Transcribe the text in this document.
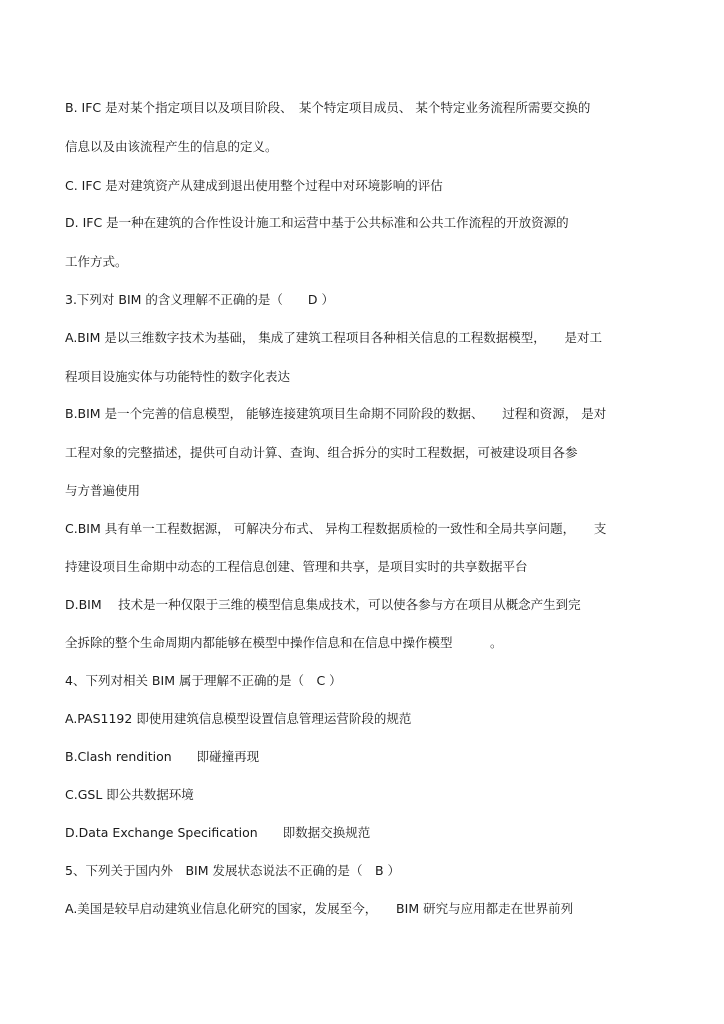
B. IFC 是对某个指定项目以及项目阶段、　某个特定项目成员、 某个特定业务流程所需要交换的
信息以及由该流程产生的信息的定义。
C. IFC 是对建筑资产从建成到退出使用整个过程中对环境影响的评估
D. IFC 是一种在建筑的合作性设计施工和运营中基于公共标准和公共工作流程的开放资源的
工作方式。
3.下列对 BIM 的含义理解不正确的是（　　D ）
A.BIM 是以三维数字技术为基础， 集成了建筑工程项目各种相关信息的工程数据模型，　　是对工
程项目设施实体与功能特性的数字化表达
B.BIM 是一个完善的信息模型， 能够连接建筑项目生命期不同阶段的数据、　　过程和资源， 是对
工程对象的完整描述，提供可自动计算、查询、组合拆分的实时工程数据，可被建设项目各参
与方普遍使用
C.BIM 具有单一工程数据源， 可解决分布式、 异构工程数据质检的一致性和全局共享问题，　　支
持建设项目生命期中动态的工程信息创建、管理和共享，是项目实时的共享数据平台
D.BIM　 技术是一种仅限于三维的模型信息集成技术，可以使各参与方在项目从概念产生到完
全拆除的整个生命周期内都能够在模型中操作信息和在信息中操作模型　　　。
4、下列对相关 BIM 属于理解不正确的是（　C ）
A.PAS1192 即使用建筑信息模型设置信息管理运营阶段的规范
B.Clash rendition　　即碰撞再现
C.GSL 即公共数据环境
D.Data Exchange Specification　　即数据交换规范
5、下列关于国内外　BIM 发展状态说法不正确的是（　B ）
A.美国是较早启动建筑业信息化研究的国家，发展至今，　　BIM 研究与应用都走在世界前列
